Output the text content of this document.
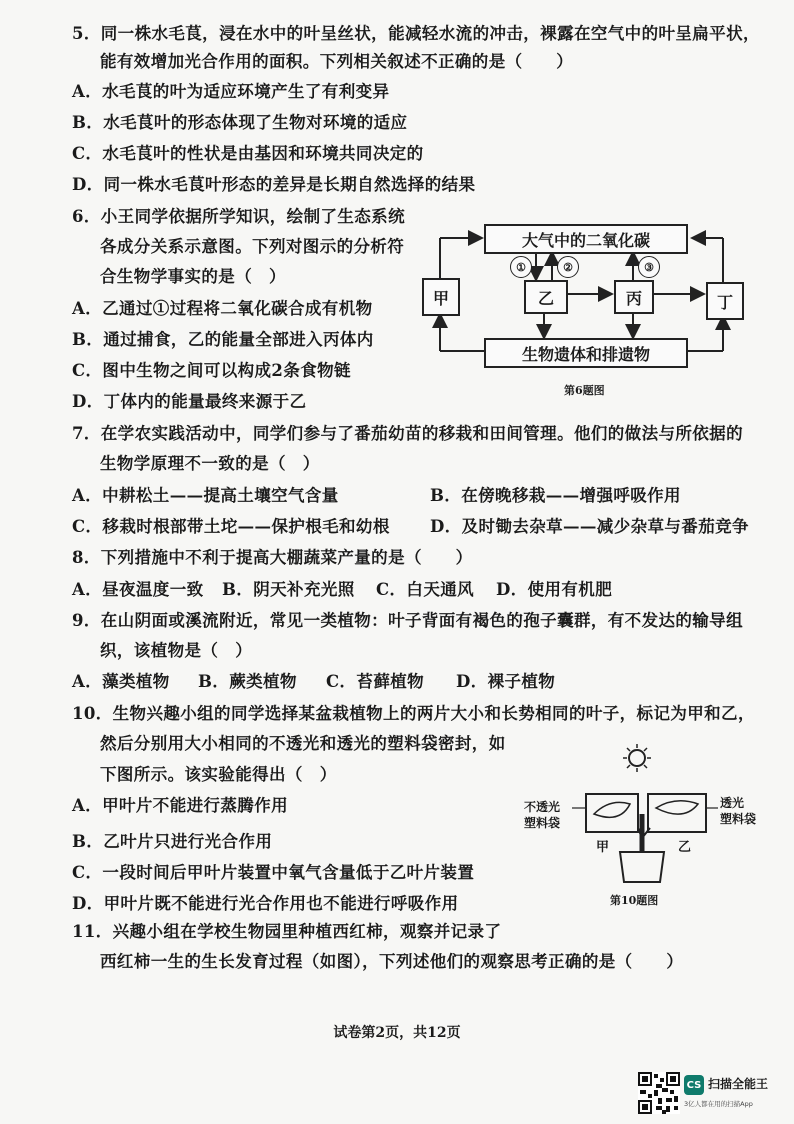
5．同一株水毛茛，浸在水中的叶呈丝状，能减轻水流的冲击，裸露在空气中的叶呈扁平状，
能有效增加光合作用的面积。下列相关叙述不正确的是（　　）
A．水毛茛的叶为适应环境产生了有利变异
B．水毛茛叶的形态体现了生物对环境的适应
C．水毛茛叶的性状是由基因和环境共同决定的
D．同一株水毛茛叶形态的差异是长期自然选择的结果
6．小王同学依据所学知识，绘制了生态系统
各成分关系示意图。下列对图示的分析符
合生物学事实的是（　）
A．乙通过①过程将二氧化碳合成有机物
B．通过捕食，乙的能量全部进入丙体内
C．图中生物之间可以构成2条食物链
D．丁体内的能量最终来源于乙
大气中的二氧化碳
生物遗体和排遗物
甲	乙	丙	丁
①	②	③
第6题图
7．在学农实践活动中，同学们参与了番茄幼苗的移栽和田间管理。他们的做法与所依据的
生物学原理不一致的是（　）
A．中耕松土——提高土壤空气含量	B．在傍晚移栽——增强呼吸作用
C．移栽时根部带土坨——保护根毛和幼根 D．及时锄去杂草——减少杂草与番茄竞争
8．下列措施中不利于提高大棚蔬菜产量的是（　　）
A．昼夜温度一致 B．阴天补充光照 C．白天通风 D．使用有机肥
9．在山阴面或溪流附近，常见一类植物：叶子背面有褐色的孢子囊群，有不发达的输导组
织，该植物是（　）
A．藻类植物 B．蕨类植物 C．苔藓植物 D．裸子植物
10．生物兴趣小组的同学选择某盆栽植物上的两片大小和长势相同的叶子，标记为甲和乙，
然后分别用大小相同的不透光和透光的塑料袋密封，如
下图所示。该实验能得出（　）
A．甲叶片不能进行蒸腾作用
B．乙叶片只进行光合作用
C．一段时间后甲叶片装置中氧气含量低于乙叶片装置
D．甲叶片既不能进行光合作用也不能进行呼吸作用
不透光
塑料袋
透光
塑料袋
甲	乙
第10题图
11．兴趣小组在学校生物园里种植西红柿，观察并记录了
西红柿一生的生长发育过程（如图），下列述他们的观察思考正确的是（　　）
试卷第2页，共12页
CS 扫描全能王
3亿人都在用的扫描App
